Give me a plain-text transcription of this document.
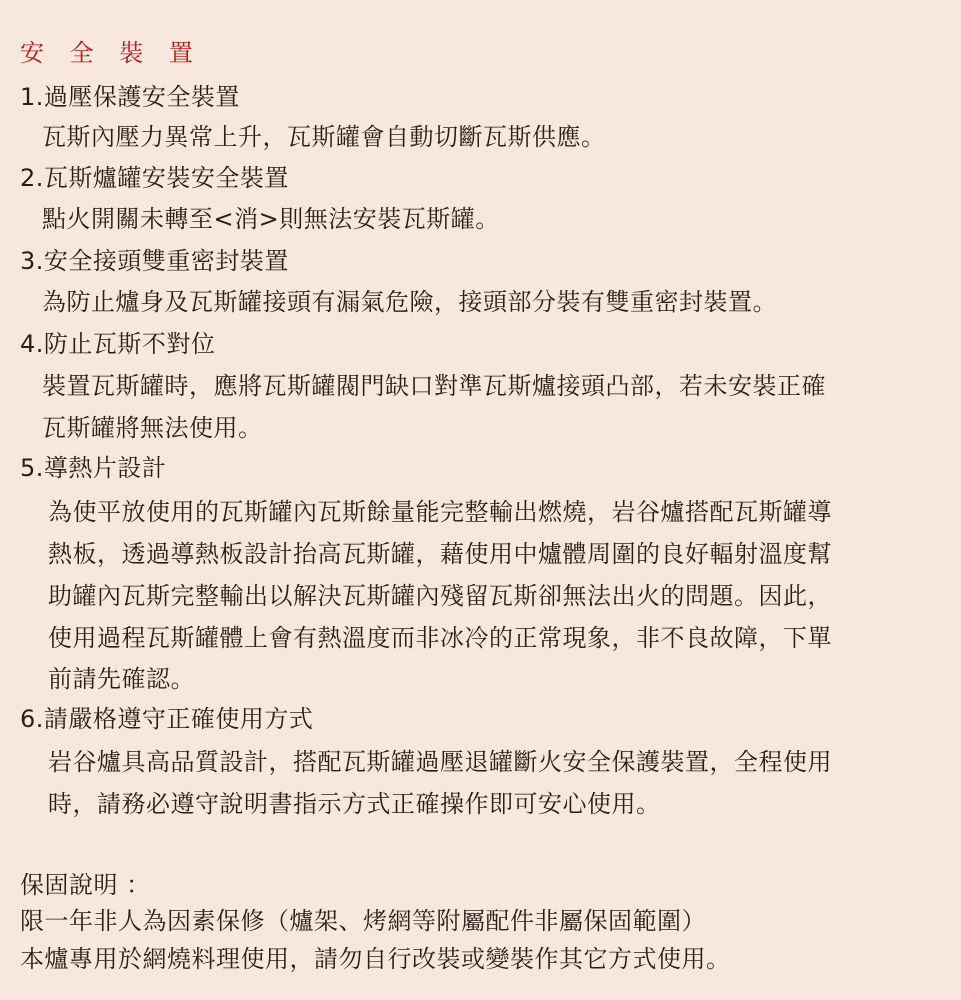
安 全 裝 置
1.過壓保護安全裝置
瓦斯內壓力異常上升，瓦斯罐會自動切斷瓦斯供應。
2.瓦斯爐罐安裝安全裝置
點火開關未轉至<消>則無法安裝瓦斯罐。
3.安全接頭雙重密封裝置
為防止爐身及瓦斯罐接頭有漏氣危險，接頭部分裝有雙重密封裝置。
4.防止瓦斯不對位
裝置瓦斯罐時，應將瓦斯罐閥門缺口對準瓦斯爐接頭凸部，若未安裝正確
瓦斯罐將無法使用。
5.導熱片設計
為使平放使用的瓦斯罐內瓦斯餘量能完整輸出燃燒，岩谷爐搭配瓦斯罐導
熱板，透過導熱板設計抬高瓦斯罐，藉使用中爐體周圍的良好輻射溫度幫
助罐內瓦斯完整輸出以解決瓦斯罐內殘留瓦斯卻無法出火的問題。因此，
使用過程瓦斯罐體上會有熱溫度而非冰冷的正常現象，非不良故障，下單
前請先確認。
6.請嚴格遵守正確使用方式
岩谷爐具高品質設計，搭配瓦斯罐過壓退罐斷火安全保護裝置，全程使用
時，請務必遵守說明書指示方式正確操作即可安心使用。
保固說明 ：
限一年非人為因素保修（爐架、烤網等附屬配件非屬保固範圍）
本爐專用於網燒料理使用，請勿自行改裝或變裝作其它方式使用。
